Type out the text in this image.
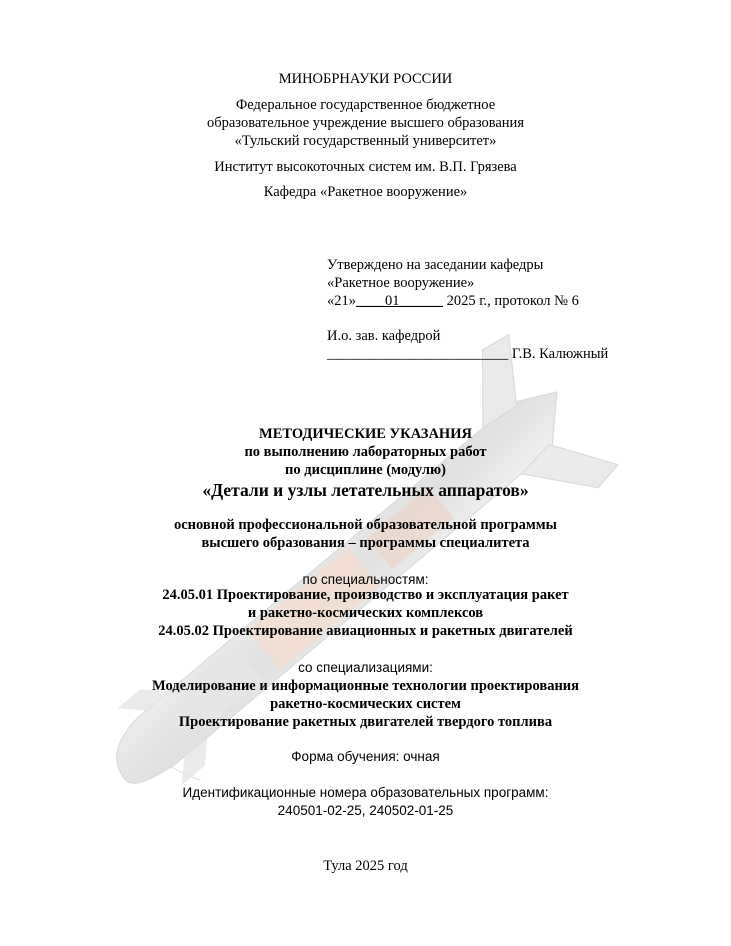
МИНОБРНАУКИ РОССИИ
Федеральное государственное бюджетное
образовательное учреждение высшего образования
«Тульский государственный университет»
Институт высокоточных систем им. В.П. Грязева
Кафедра «Ракетное вооружение»
Утверждено на заседании кафедры
«Ракетное вооружение»
«21»____01______ 2025 г., протокол № 6
И.о. зав. кафедрой
_________________________ Г.В. Калюжный
МЕТОДИЧЕСКИЕ УКАЗАНИЯ
по выполнению лабораторных работ
по дисциплине (модулю)
«Детали и узлы летательных аппаратов»
основной профессиональной образовательной программы
высшего образования – программы специалитета
по специальностям:
24.05.01 Проектирование, производство и эксплуатация ракет
и ракетно-космических комплексов
24.05.02 Проектирование авиационных и ракетных двигателей
со специализациями:
Моделирование и информационные технологии проектирования
ракетно-космических систем
Проектирование ракетных двигателей твердого топлива
Форма обучения: очная
Идентификационные номера образовательных программ:
240501-02-25, 240502-01-25
Тула 2025 год
